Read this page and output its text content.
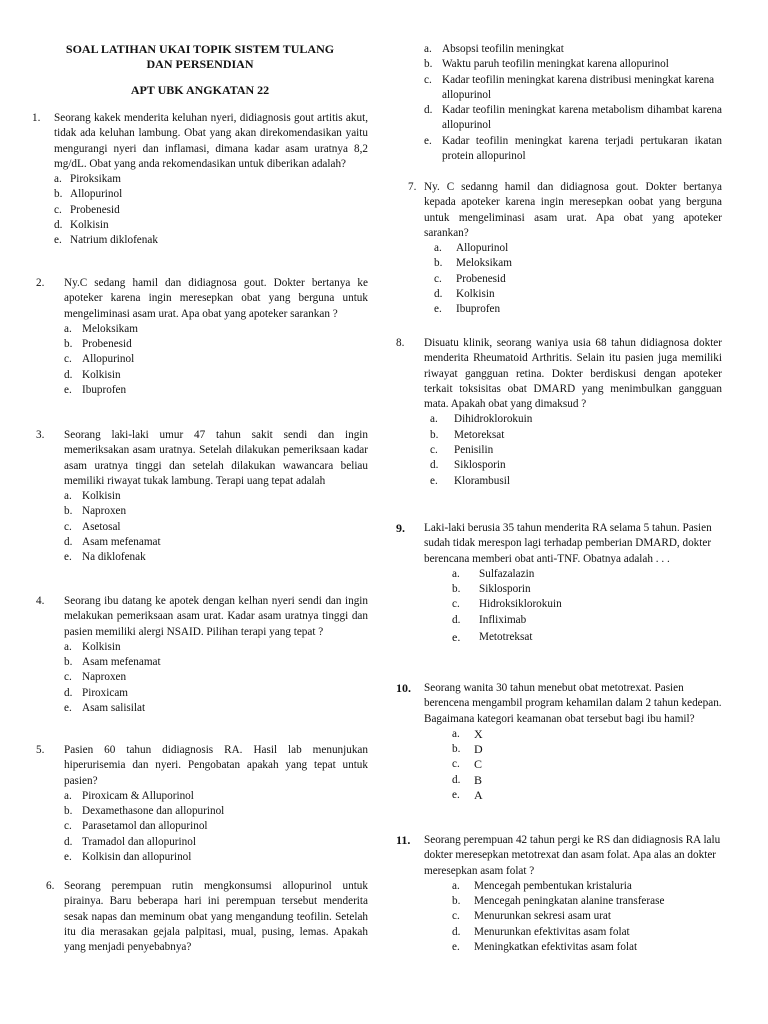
SOAL LATIHAN UKAI TOPIK SISTEM TULANG
DAN PERSENDIAN
APT UBK ANGKATAN 22
1. Seorang kakek menderita keluhan nyeri, didiagnosis gout artitis akut, tidak ada keluhan lambung. Obat yang akan direkomendasikan yaitu mengurangi nyeri dan inflamasi, dimana kadar asam uratnya 8,2 mg/dL. Obat yang anda rekomendasikan untuk diberikan adalah?
a. Piroksikam
b. Allopurinol
c. Probenesid
d. Kolkisin
e. Natrium diklofenak
2. Ny.C sedang hamil dan didiagnosa gout. Dokter bertanya ke apoteker karena ingin meresepkan obat yang berguna untuk mengeliminasi asam urat. Apa obat yang apoteker sarankan ?
a. Meloksikam
b. Probenesid
c. Allopurinol
d. Kolkisin
e. Ibuprofen
3. Seorang laki-laki umur 47 tahun sakit sendi dan ingin memeriksakan asam uratnya. Setelah dilakukan pemeriksaan kadar asam uratnya tinggi dan setelah dilakukan wawancara beliau memiliki riwayat tukak lambung. Terapi uang tepat adalah
a. Kolkisin
b. Naproxen
c. Asetosal
d. Asam mefenamat
e. Na diklofenak
4. Seorang ibu datang ke apotek dengan kelhan nyeri sendi dan ingin melakukan pemeriksaan asam urat. Kadar asam uratnya tinggi dan pasien memiliki alergi NSAID. Pilihan terapi yang tepat ?
a. Kolkisin
b. Asam mefenamat
c. Naproxen
d. Piroxicam
e. Asam salisilat
5. Pasien 60 tahun didiagnosis RA. Hasil lab menunjukan hiperurisemia dan nyeri. Pengobatan apakah yang tepat untuk pasien?
a. Piroxicam & Alluporinol
b. Dexamethasone dan allopurinol
c. Parasetamol dan allopurinol
d. Tramadol dan allopurinol
e. Kolkisin dan allopurinol
6. Seorang perempuan rutin mengkonsumsi allopurinol untuk pirainya. Baru beberapa hari ini perempuan tersebut menderita sesak napas dan meminum obat yang mengandung teofilin. Setelah itu dia merasakan gejala palpitasi, mual, pusing, lemas. Apakah yang menjadi penyebabnya?
a. Absopsi teofilin meningkat
b. Waktu paruh teofilin meningkat karena allopurinol
c. Kadar teofilin meningkat karena distribusi meningkat karena allopurinol
d. Kadar teofilin meningkat karena metabolism dihambat karena allopurinol
e. Kadar teofilin meningkat karena terjadi pertukaran ikatan protein allopurinol
7. Ny. C sedanng hamil dan didiagnosa gout. Dokter bertanya kepada apoteker karena ingin meresepkan oobat yang berguna untuk mengeliminasi asam urat. Apa obat yang apoteker sarankan?
a. Allopurinol
b. Meloksikam
c. Probenesid
d. Kolkisin
e. Ibuprofen
8. Disuatu klinik, seorang waniya usia 68 tahun didiagnosa dokter menderita Rheumatoid Arthritis. Selain itu pasien juga memiliki riwayat gangguan retina. Dokter berdiskusi dengan apoteker terkait toksisitas obat DMARD yang menimbulkan gangguan mata. Apakah obat yang dimaksud ?
a. Dihidroklorokuin
b. Metoreksat
c. Penisilin
d. Siklosporin
e. Klorambusil
9. Laki-laki berusia 35 tahun menderita RA selama 5 tahun. Pasien sudah tidak merespon lagi terhadap pemberian DMARD, dokter berencana memberi obat anti-TNF. Obatnya adalah . . .
a. Sulfazalazin
b. Siklosporin
c. Hidroksiklorokuin
d. Infliximab
e. Metotreksat
10. Seorang wanita 30 tahun menebut obat metotrexat. Pasien berencena mengambil program kehamilan dalam 2 tahun kedepan. Bagaimana kategori keamanan obat tersebut bagi ibu hamil?
a. X
b. D
c. C
d. B
e. A
11. Seorang perempuan 42 tahun pergi ke RS dan didiagnosis RA lalu dokter meresepkan metotrexat dan asam folat. Apa alas an dokter meresepkan asam folat ?
a. Mencegah pembentukan kristaluria
b. Mencegah peningkatan alanine transferase
c. Menurunkan sekresi asam urat
d. Menurunkan efektivitas asam folat
e. Meningkatkan efektivitas asam folat
